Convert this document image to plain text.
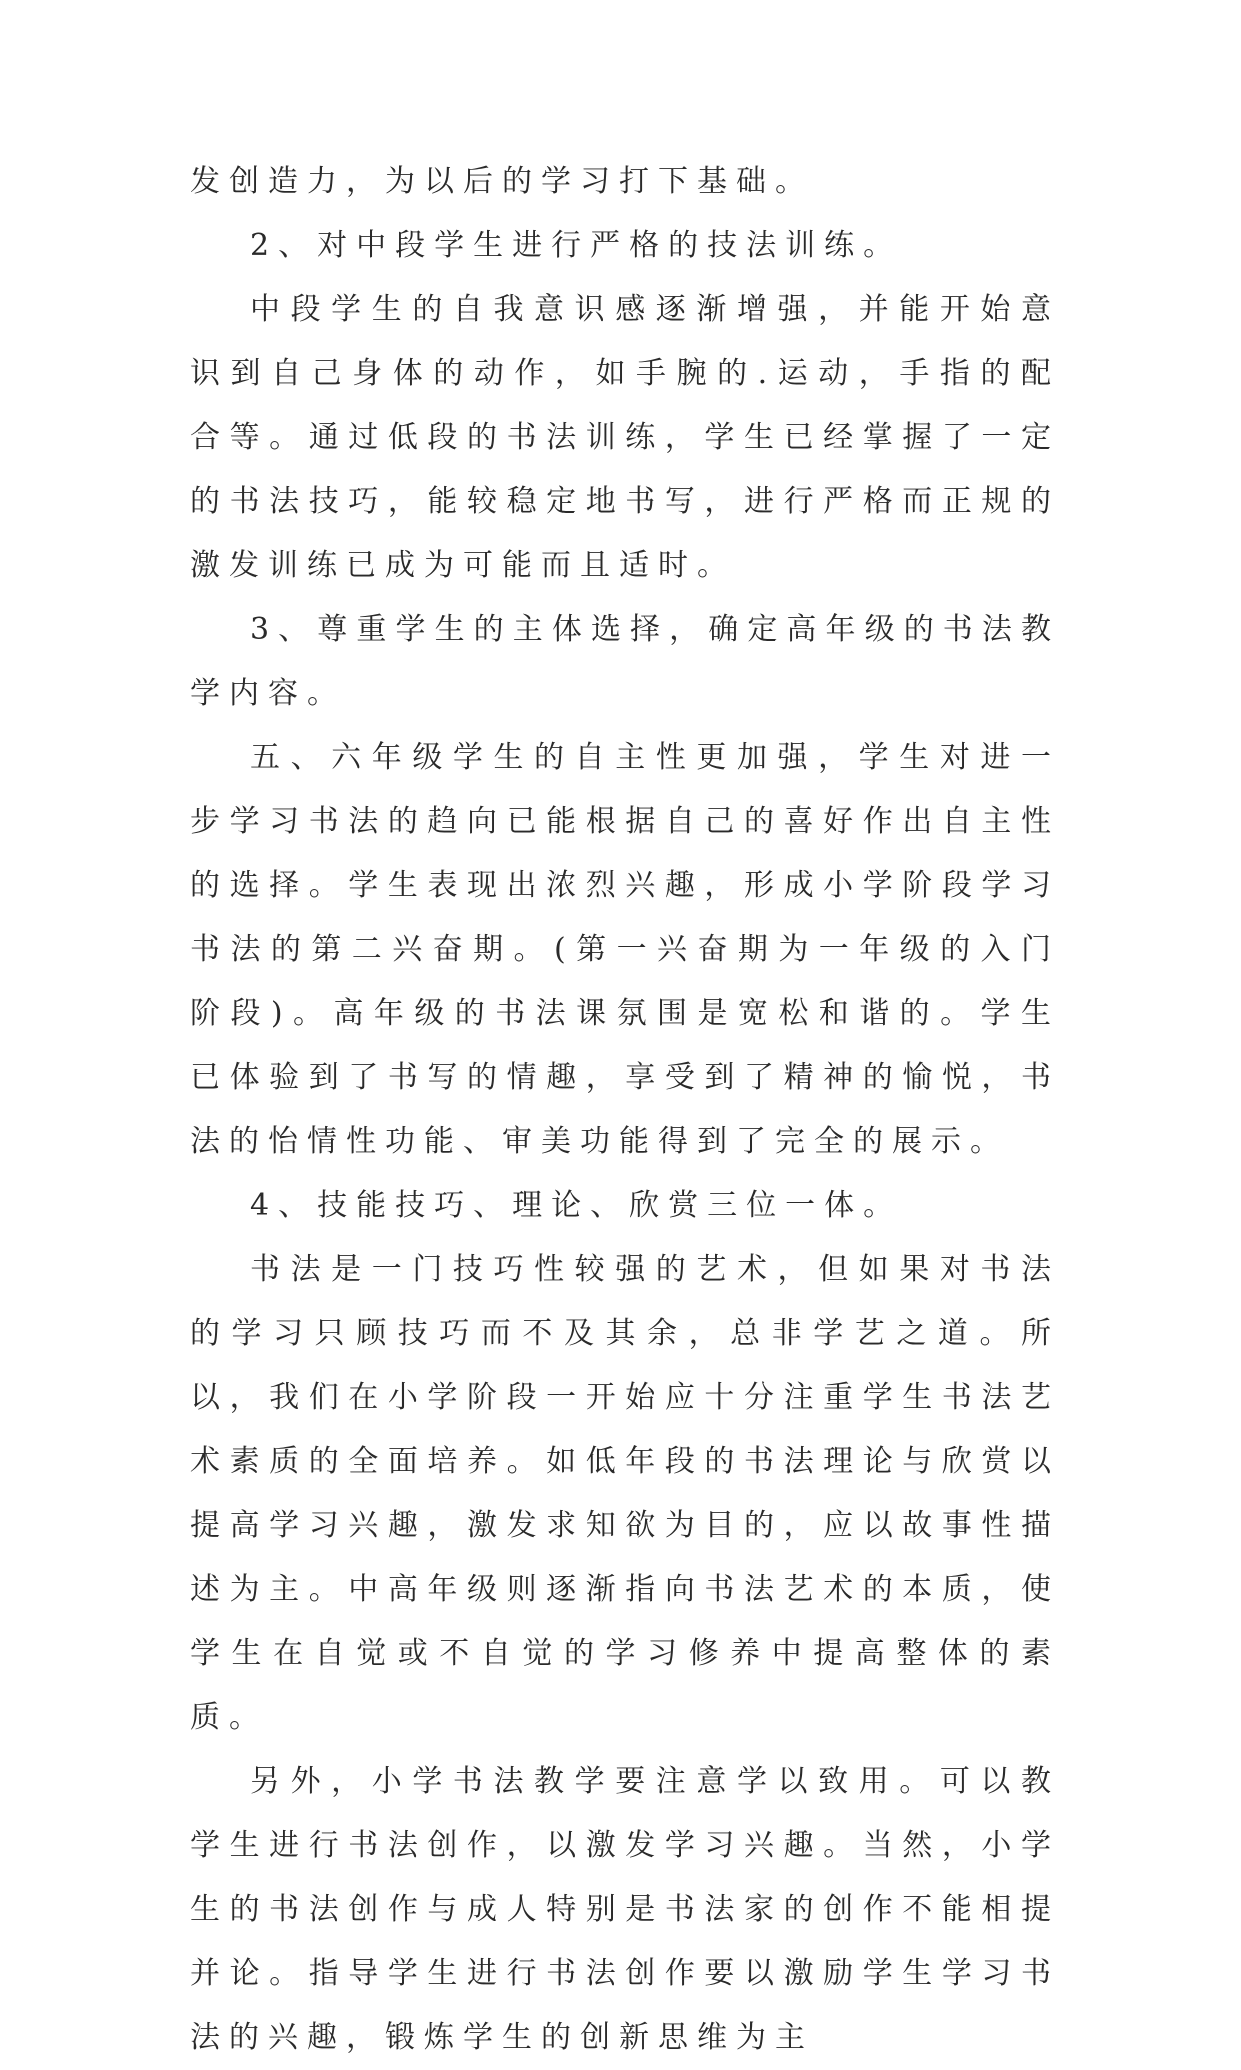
发创造力，为以后的学习打下基础。

2、对中段学生进行严格的技法训练。

中段学生的自我意识感逐渐增强，并能开始意识到自己身体的动作，如手腕的.运动，手指的配合等。通过低段的书法训练，学生已经掌握了一定的书法技巧，能较稳定地书写，进行严格而正规的激发训练已成为可能而且适时。

3、尊重学生的主体选择，确定高年级的书法教学内容。

五、六年级学生的自主性更加强，学生对进一步学习书法的趋向已能根据自己的喜好作出自主性的选择。学生表现出浓烈兴趣，形成小学阶段学习书法的第二兴奋期。(第一兴奋期为一年级的入门阶段)。高年级的书法课氛围是宽松和谐的。学生已体验到了书写的情趣，享受到了精神的愉悦，书法的怡情性功能、审美功能得到了完全的展示。

4、技能技巧、理论、欣赏三位一体。

书法是一门技巧性较强的艺术，但如果对书法的学习只顾技巧而不及其余，总非学艺之道。所以，我们在小学阶段一开始应十分注重学生书法艺术素质的全面培养。如低年段的书法理论与欣赏以提高学习兴趣，激发求知欲为目的，应以故事性描述为主。中高年级则逐渐指向书法艺术的本质，使学生在自觉或不自觉的学习修养中提高整体的素质。

另外，小学书法教学要注意学以致用。可以教学生进行书法创作，以激发学习兴趣。当然，小学生的书法创作与成人特别是书法家的创作不能相提并论。指导学生进行书法创作要以激励学生学习书法的兴趣，锻炼学生的创新思维为主
